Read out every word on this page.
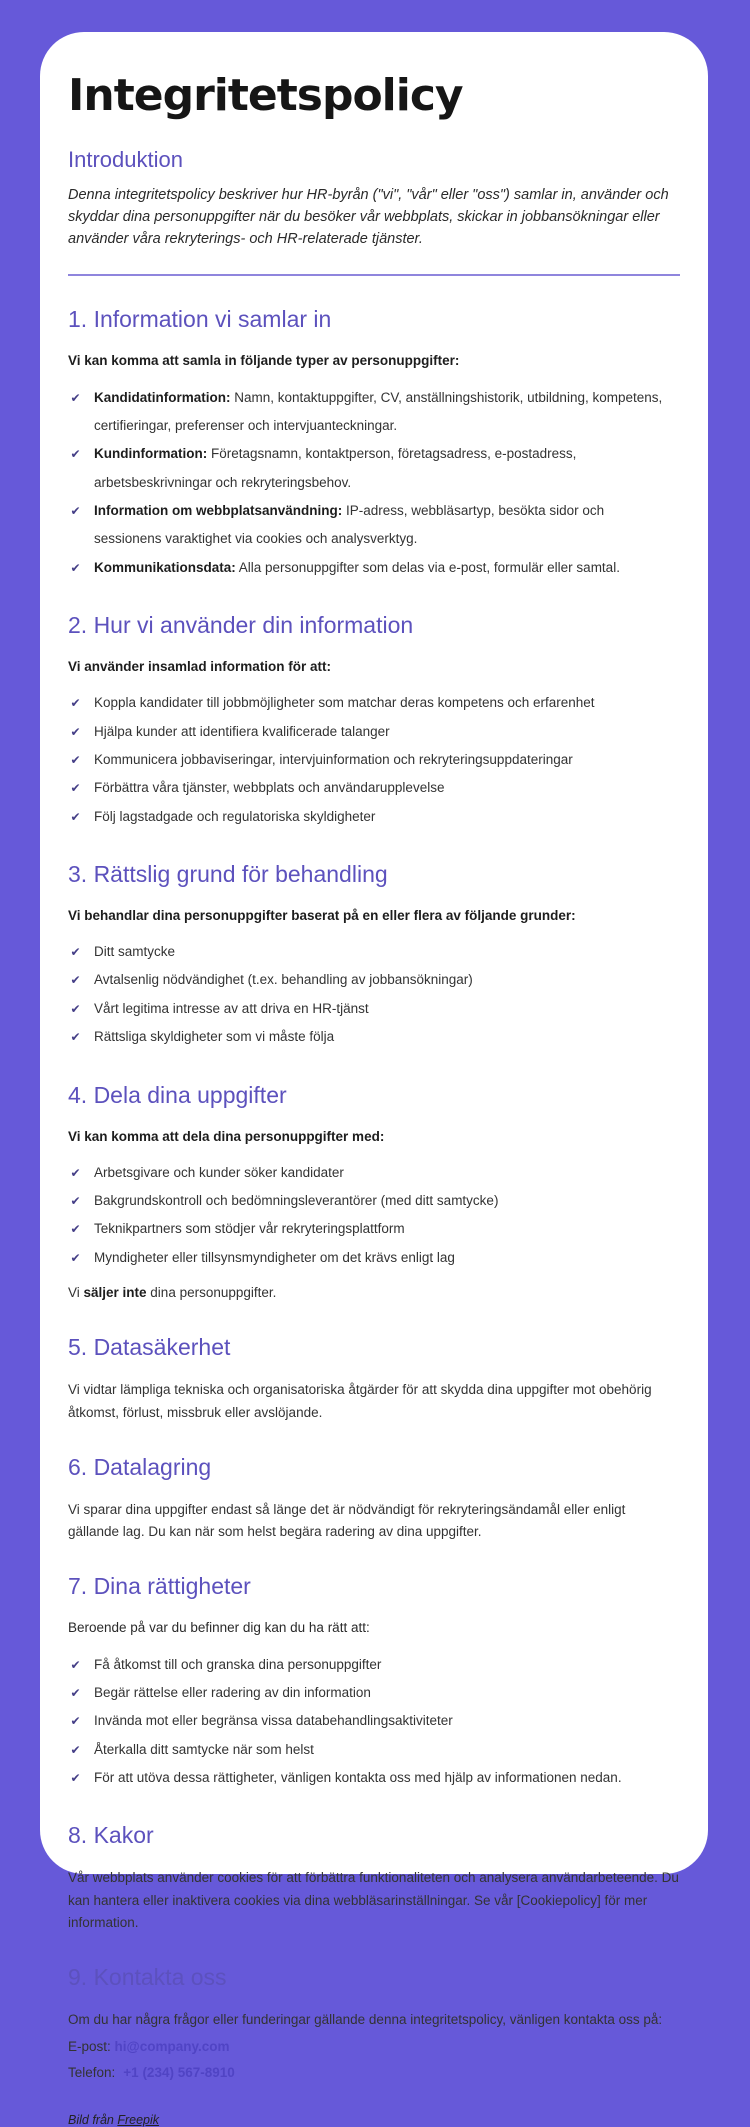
Integritetspolicy
Introduktion

Denna integritetspolicy beskriver hur HR-byrån ("vi", "vår" eller "oss") samlar in, använder och skyddar dina personuppgifter när du besöker vår webbplats, skickar in jobbansökningar eller använder våra rekryterings- och HR-relaterade tjänster.

1. Information vi samlar in

Vi kan komma att samla in följande typer av personuppgifter:

✔ Kandidatinformation: Namn, kontaktuppgifter, CV, anställningshistorik, utbildning, kompetens, certifieringar, preferenser och intervjuanteckningar.
✔ Kundinformation: Företagsnamn, kontaktperson, företagsadress, e-postadress, arbetsbeskrivningar och rekryteringsbehov.
✔ Information om webbplatsanvändning: IP-adress, webbläsartyp, besökta sidor och sessionens varaktighet via cookies och analysverktyg.
✔ Kommunikationsdata: Alla personuppgifter som delas via e-post, formulär eller samtal.
2. Hur vi använder din information

Vi använder insamlad information för att:

✔ Koppla kandidater till jobbmöjligheter som matchar deras kompetens och erfarenhet
✔ Hjälpa kunder att identifiera kvalificerade talanger
✔ Kommunicera jobbaviseringar, intervjuinformation och rekryteringsuppdateringar
✔ Förbättra våra tjänster, webbplats och användarupplevelse
✔ Följ lagstadgade och regulatoriska skyldigheter
3. Rättslig grund för behandling

Vi behandlar dina personuppgifter baserat på en eller flera av följande grunder:

✔ Ditt samtycke
✔ Avtalsenlig nödvändighet (t.ex. behandling av jobbansökningar)
✔ Vårt legitima intresse av att driva en HR-tjänst
✔ Rättsliga skyldigheter som vi måste följa
4. Dela dina uppgifter

Vi kan komma att dela dina personuppgifter med:

✔ Arbetsgivare och kunder söker kandidater
✔ Bakgrundskontroll och bedömningsleverantörer (med ditt samtycke)
✔ Teknikpartners som stödjer vår rekryteringsplattform
✔ Myndigheter eller tillsynsmyndigheter om det krävs enligt lag

Vi säljer inte dina personuppgifter.

5. Datasäkerhet

Vi vidtar lämpliga tekniska och organisatoriska åtgärder för att skydda dina uppgifter mot obehörig åtkomst, förlust, missbruk eller avslöjande.

6. Datalagring

Vi sparar dina uppgifter endast så länge det är nödvändigt för rekryteringsändamål eller enligt gällande lag. Du kan när som helst begära radering av dina uppgifter.

7. Dina rättigheter

Beroende på var du befinner dig kan du ha rätt att:

✔ Få åtkomst till och granska dina personuppgifter
✔ Begär rättelse eller radering av din information
✔ Invända mot eller begränsa vissa databehandlingsaktiviteter
✔ Återkalla ditt samtycke när som helst
✔ För att utöva dessa rättigheter, vänligen kontakta oss med hjälp av informationen nedan.
8. Kakor

Vår webbplats använder cookies för att förbättra funktionaliteten och analysera användarbeteende. Du kan hantera eller inaktivera cookies via dina webbläsarinställningar. Se vår [Cookiepolicy] för mer information.

9. Kontakta oss

Om du har några frågor eller funderingar gällande denna integritetspolicy, vänligen kontakta oss på:

E-post: hi@company.com

Telefon: +1 (234) 567-8910

Bild från Freepik
